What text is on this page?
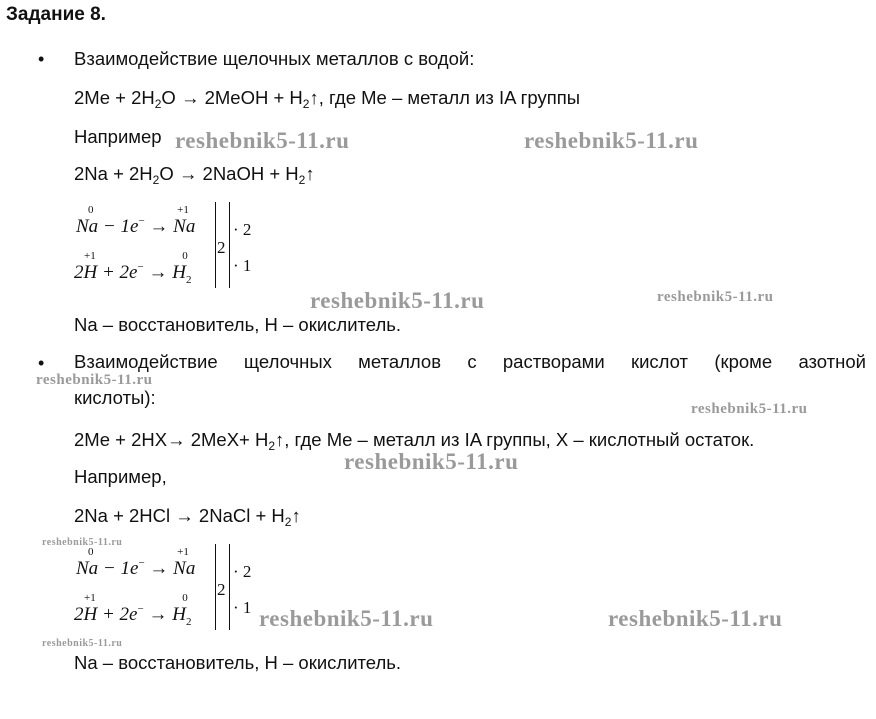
Задание 8.
• Взаимодействие щелочных металлов с водой:
$2Me + 2H_2O$ → 2MeOH + $H_2↑$, где Me – металл из IA группы
Например
$2Na + 2H_2O$ → 2NaOH + $H_2↑$
0
Na − 1e− →
+1
Na
+1
2H + 2e− →
0
$H_2$
2
· 2
· 1
Na – восстановитель, H – окислитель.
• Взаимодействие щелочных металлов с растворами кислот (кроме азотной
кислоты):
$2Me + 2HX\to 2MeX+ H_2↑$, где Me – металл из IA группы, X – кислотный остаток.
Например,
2Na + 2HCl → 2NaCl + $H_2↑$
0
Na − 1e− →
+1
Na
+1
2H + 2e− →
0
$H_2$
2
· 2
· 1
Na – восстановитель, H – окислитель.
reshebnik5-11.ru	reshebnik5-11.ru
reshebnik5-11.ru	reshebnik5-11.ru
reshebnik5-11.ru
reshebnik5-11.ru
reshebnik5-11.ru
reshebnik5-11.ru
reshebnik5-11.ru	reshebnik5-11.ru
reshebnik5-11.ru
